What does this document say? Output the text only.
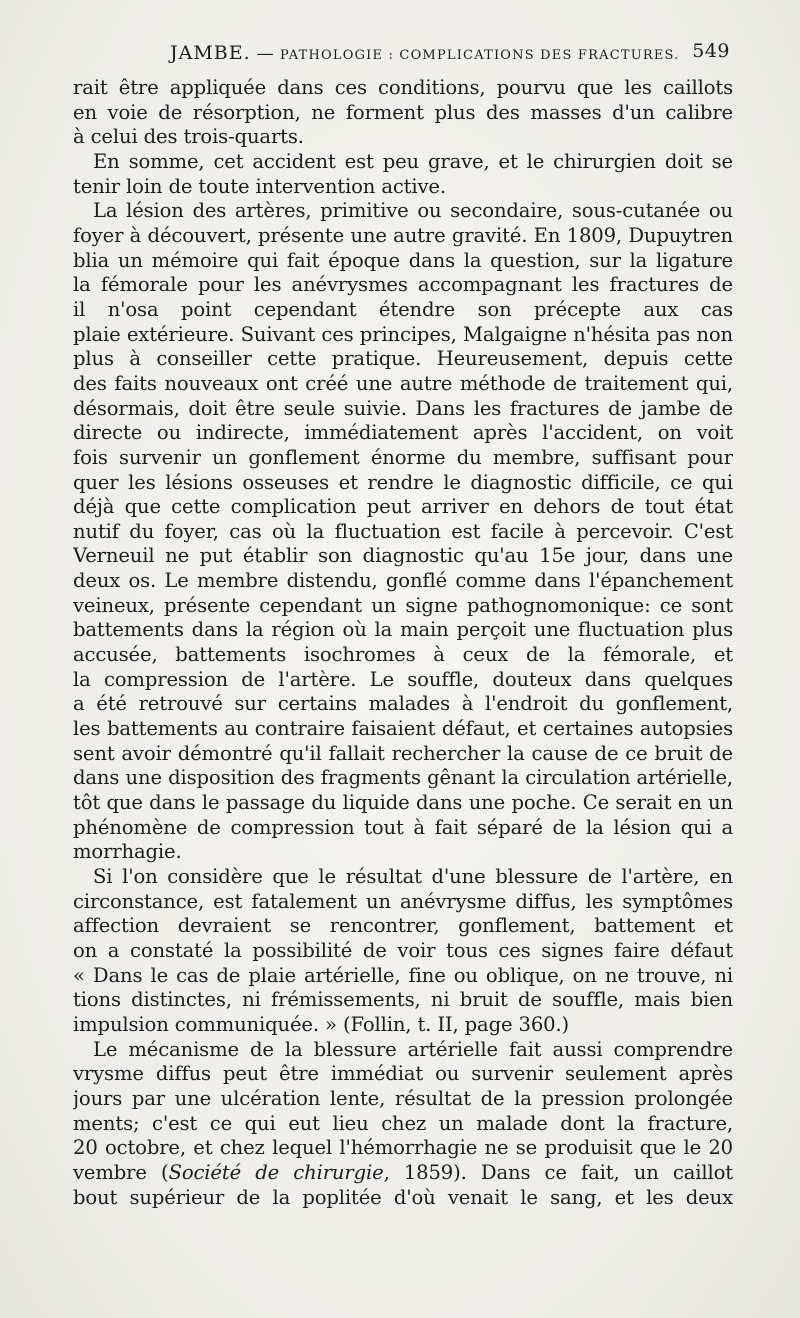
JAMBE. — PATHOLOGIE : COMPLICATIONS DES FRACTURES. 549
rait être appliquée dans ces conditions, pourvu que les caillots
en voie de résorption, ne forment plus des masses d'un calibre
à celui des trois-quarts.
En somme, cet accident est peu grave, et le chirurgien doit se
tenir loin de toute intervention active.
La lésion des artères, primitive ou secondaire, sous-cutanée ou
foyer à découvert, présente une autre gravité. En 1809, Dupuytren
blia un mémoire qui fait époque dans la question, sur la ligature
la fémorale pour les anévrysmes accompagnant les fractures de
il n'osa point cependant étendre son précepte aux cas
plaie extérieure. Suivant ces principes, Malgaigne n'hésita pas non
plus à conseiller cette pratique. Heureusement, depuis cette
des faits nouveaux ont créé une autre méthode de traitement qui,
désormais, doit être seule suivie. Dans les fractures de jambe de
directe ou indirecte, immédiatement après l'accident, on voit
fois survenir un gonflement énorme du membre, suffisant pour
quer les lésions osseuses et rendre le diagnostic difficile, ce qui
déjà que cette complication peut arriver en dehors de tout état
nutif du foyer, cas où la fluctuation est facile à percevoir. C'est
Verneuil ne put établir son diagnostic qu'au 15e jour, dans une
deux os. Le membre distendu, gonflé comme dans l'épanchement
veineux, présente cependant un signe pathognomonique: ce sont
battements dans la région où la main perçoit une fluctuation plus
accusée, battements isochromes à ceux de la fémorale, et
la compression de l'artère. Le souffle, douteux dans quelques
a été retrouvé sur certains malades à l'endroit du gonflement,
les battements au contraire faisaient défaut, et certaines autopsies
sent avoir démontré qu'il fallait rechercher la cause de ce bruit de
dans une disposition des fragments gênant la circulation artérielle,
tôt que dans le passage du liquide dans une poche. Ce serait en un
phénomène de compression tout à fait séparé de la lésion qui a
morrhagie.
Si l'on considère que le résultat d'une blessure de l'artère, en
circonstance, est fatalement un anévrysme diffus, les symptômes
affection devraient se rencontrer, gonflement, battement et
on a constaté la possibilité de voir tous ces signes faire défaut
« Dans le cas de plaie artérielle, fine ou oblique, on ne trouve, ni
tions distinctes, ni frémissements, ni bruit de souffle, mais bien
impulsion communiquée. » (Follin, t. II, page 360.)
Le mécanisme de la blessure artérielle fait aussi comprendre
vrysme diffus peut être immédiat ou survenir seulement après
jours par une ulcération lente, résultat de la pression prolongée
ments; c'est ce qui eut lieu chez un malade dont la fracture,
20 octobre, et chez lequel l'hémorrhagie ne se produisit que le 20
vembre (Société de chirurgie, 1859). Dans ce fait, un caillot
bout supérieur de la poplitée d'où venait le sang, et les deux
